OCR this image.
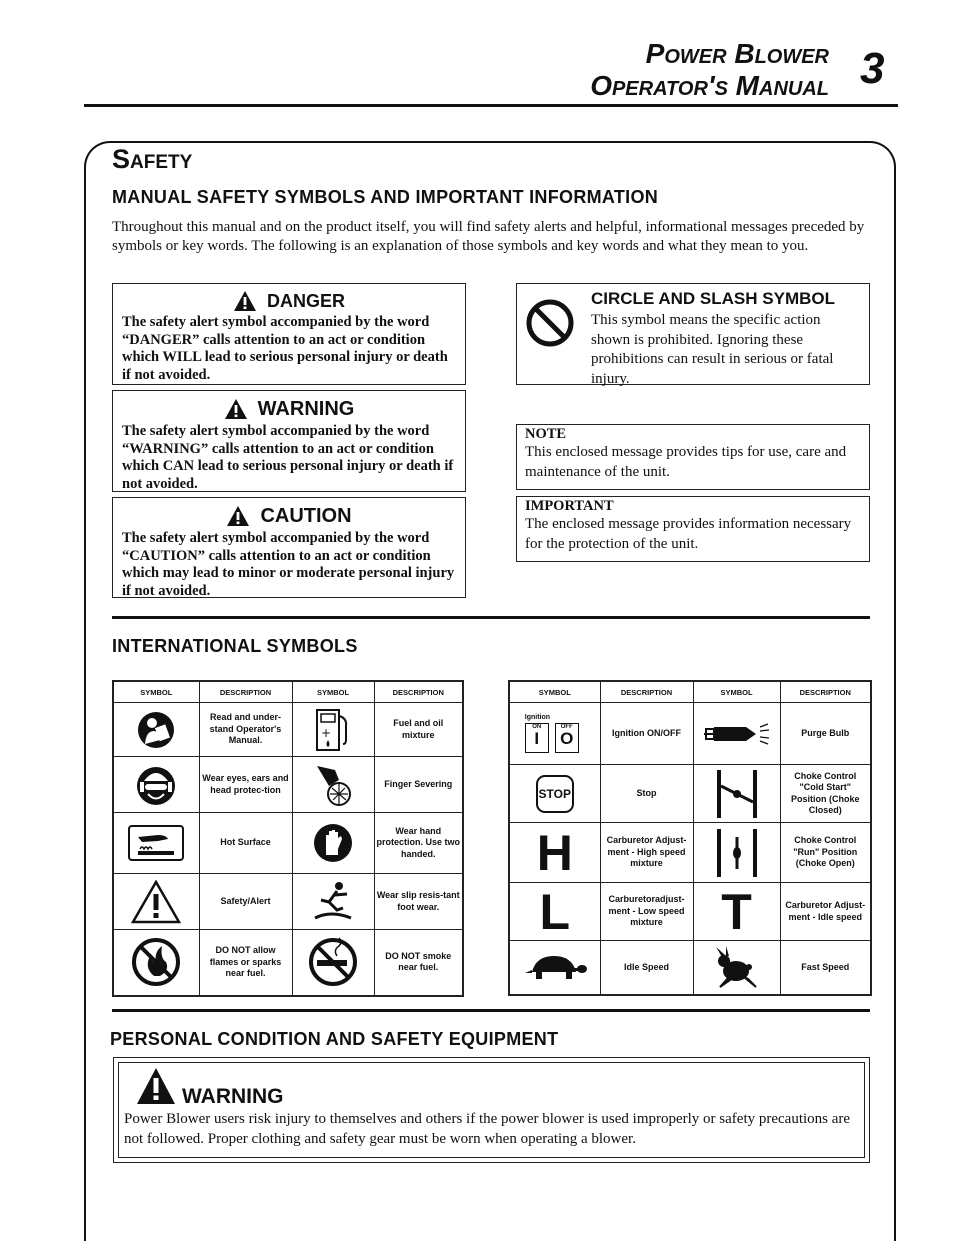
Power Blower
Operator's Manual 3
Safety
MANUAL SAFETY SYMBOLS AND IMPORTANT INFORMATION
Throughout this manual and on the product itself, you will find safety alerts and helpful, informational messages preceded by symbols or key words. The following is an explanation of those symbols and key words and what they mean to you.
DANGER
The safety alert symbol accompanied by the word “DANGER” calls attention to an act or condition which WILL lead to serious personal injury or death if not avoided.
WARNING
The safety alert symbol accompanied by the word “WARNING” calls attention to an act or condition which CAN lead to serious personal injury or death if not avoided.
CAUTION
The safety alert symbol accompanied by the word “CAUTION” calls attention to an act or condition which may lead to minor or moderate personal injury if not avoided.
CIRCLE AND SLASH SYMBOL
This symbol means the specific action shown is prohibited. Ignoring these prohibitions can result in serious or fatal injury.
NOTE
This enclosed message provides tips for use, care and maintenance of the unit.
IMPORTANT
The enclosed message provides information necessary for the protection of the unit.
INTERNATIONAL SYMBOLS
SYMBOL	DESCRIPTION	SYMBOL	DESCRIPTION

	Read and under-stand Operator's Manual.	+	Fuel and oil mixture

	Wear eyes, ears and head protec-tion		Finger Severing

	Hot Surface		Wear hand protection. Use two handed.

	Safety/Alert		Wear slip resis-tant foot wear.

	DO NOT allow flames or sparks near fuel.		DO NOT smoke near fuel.
SYMBOL	DESCRIPTION	SYMBOL	DESCRIPTION

Ignition
ON
I
OFF
O	Ignition ON/OFF		Purge Bulb

STOP	Stop		Choke Control "Cold Start" Position (Choke Closed)

H	Carburetor Adjust-ment - High speed mixture		Choke Control "Run" Position (Choke Open)

L	Carburetoradjust-ment - Low speed mixture	T	Carburetor Adjust-ment - Idle speed

	Idle Speed		Fast Speed
PERSONAL CONDITION AND SAFETY EQUIPMENT
WARNING
Power Blower users risk injury to themselves and others if the power blower is used improperly or safety precautions are not followed. Proper clothing and safety gear must be worn when operating a blower.
